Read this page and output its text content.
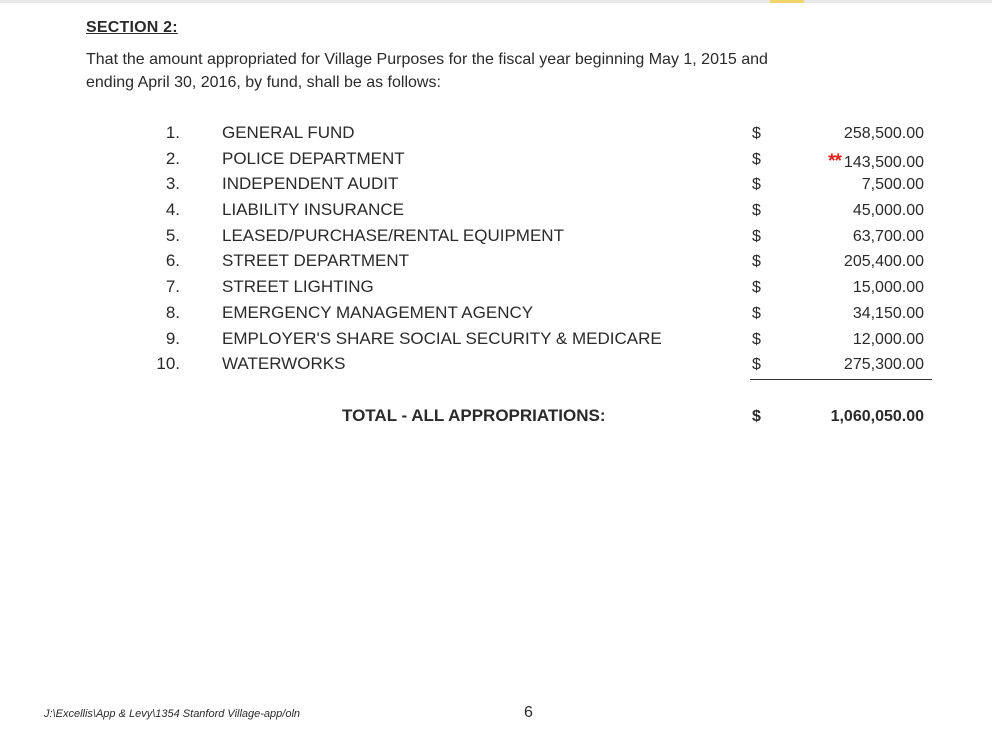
SECTION 2:
That the amount appropriated for Village Purposes for the fiscal year beginning May 1, 2015 and
ending April 30, 2016, by fund, shall be as follows:
1. GENERAL FUND	$	258,500.00
2. POLICE DEPARTMENT	$	** 143,500.00
3. INDEPENDENT AUDIT	$	7,500.00
4. LIABILITY INSURANCE	$	45,000.00
5. LEASED/PURCHASE/RENTAL EQUIPMENT	$	63,700.00
6. STREET DEPARTMENT	$	205,400.00
7. STREET LIGHTING	$	15,000.00
8. EMERGENCY MANAGEMENT AGENCY	$	34,150.00
9. EMPLOYER'S SHARE SOCIAL SECURITY & MEDICARE	$	12,000.00
10. WATERWORKS	$	275,300.00
TOTAL - ALL APPROPRIATIONS:	$	1,060,050.00
J:\Excellis\App & Levy\1354 Stanford Village-app/oln	6
